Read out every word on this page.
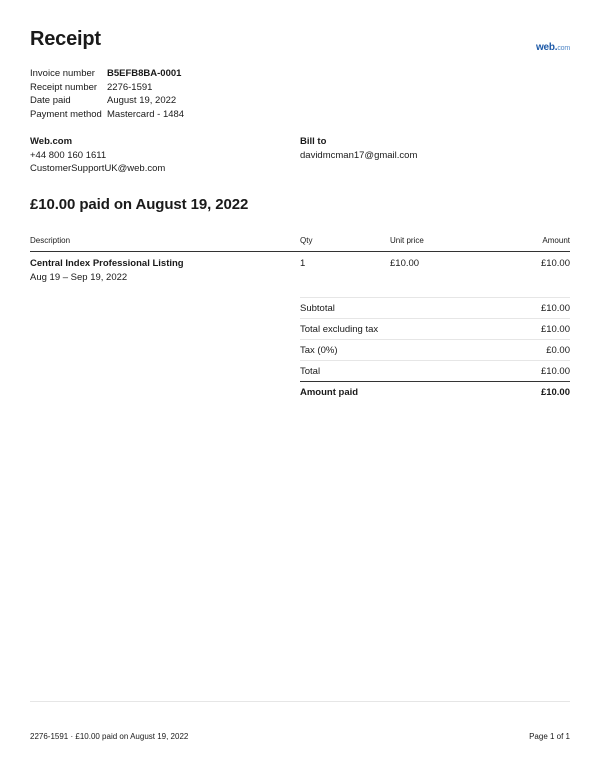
Receipt	web.com
Invoice number	B5EFB8BA-0001
Receipt number	2276-1591
Date paid	August 19, 2022
Payment method Mastercard - 1484
Web.com
+44 800 160 1611
CustomerSupportUK@web.com
Bill to
davidmcman17@gmail.com
£10.00 paid on August 19, 2022
Description	Qty	Unit price	Amount
Central Index Professional Listing
Aug 19 – Sep 19, 2022
1	£10.00	£10.00
Subtotal	£10.00
Total excluding tax	£10.00
Tax (0%)	£0.00
Total	£10.00
Amount paid	£10.00
2276-1591 · £10.00 paid on August 19, 2022	Page 1 of 1
